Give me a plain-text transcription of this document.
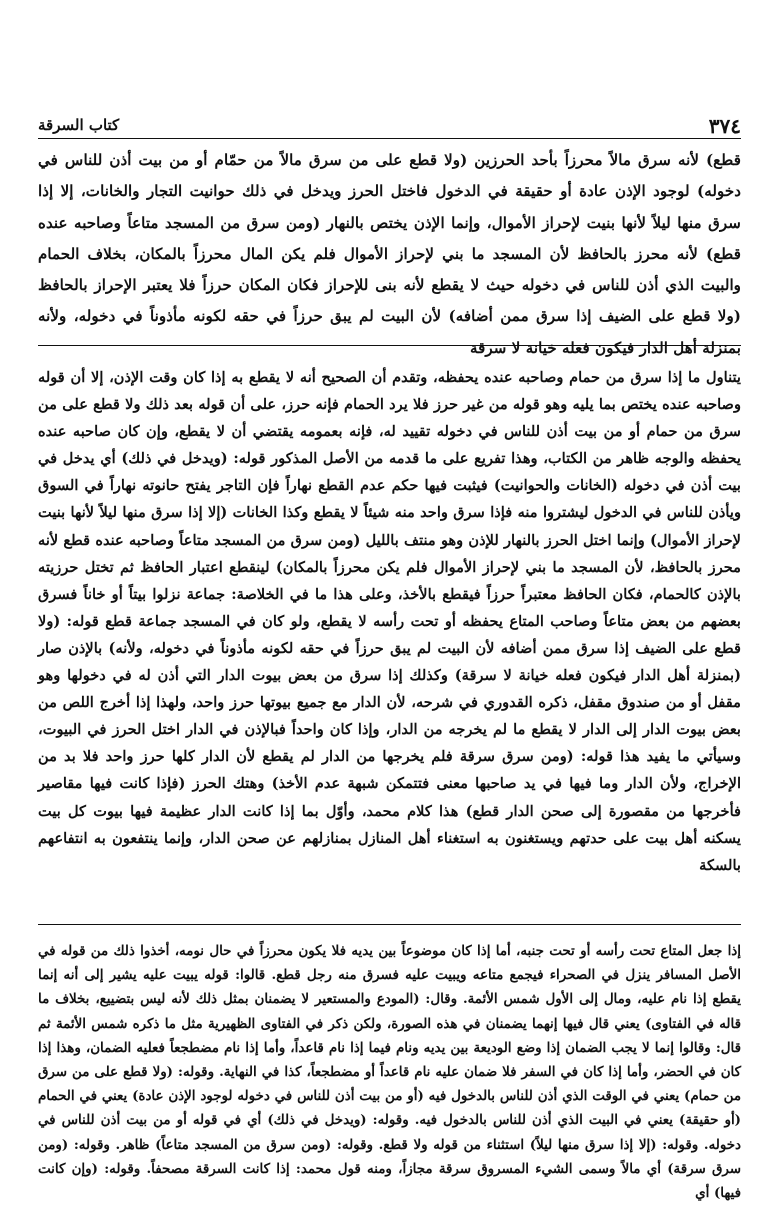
٣٧٤
كتاب السرقة

قطع) لأنه سرق مالاً محرزاً بأحد الحرزين (ولا قطع على من سرق مالاً من حمّام أو من بيت أذن للناس في دخوله) لوجود الإذن عادة أو حقيقة في الدخول فاختل الحرز ويدخل في ذلك حوانيت التجار والخانات، إلا إذا سرق منها ليلاً لأنها بنيت لإحراز الأموال، وإنما الإذن يختص بالنهار (ومن سرق من المسجد متاعاً وصاحبه عنده قطع) لأنه محرز بالحافظ لأن المسجد ما بني لإحراز الأموال فلم يكن المال محرزاً بالمكان، بخلاف الحمام والبيت الذي أذن للناس في دخوله حيث لا يقطع لأنه بنى للإحراز فكان المكان حرزاً فلا يعتبر الإحراز بالحافظ (ولا قطع على الضيف إذا سرق ممن أضافه) لأن البيت لم يبق حرزاً في حقه لكونه مأذوناً في دخوله، ولأنه بمنزلة أهل الدار فيكون فعله خيانة لا سرقة

يتناول ما إذا سرق من حمام وصاحبه عنده يحفظه، وتقدم أن الصحيح أنه لا يقطع به إذا كان وقت الإذن، إلا أن قوله وصاحبه عنده يختص بما يليه وهو قوله من غير حرز فلا يرد الحمام فإنه حرز، على أن قوله بعد ذلك ولا قطع على من سرق من حمام أو من بيت أذن للناس في دخوله تقييد له، فإنه بعمومه يقتضي أن لا يقطع، وإن كان صاحبه عنده يحفظه والوجه ظاهر من الكتاب، وهذا تفريع على ما قدمه من الأصل المذكور قوله: (ويدخل في ذلك) أي يدخل في بيت أذن في دخوله (الخانات والحوانيت) فيثبت فيها حكم عدم القطع نهاراً فإن التاجر يفتح حانوته نهاراً في السوق ويأذن للناس في الدخول ليشتروا منه فإذا سرق واحد منه شيئاً لا يقطع وكذا الخانات (إلا إذا سرق منها ليلاً لأنها بنيت لإحراز الأموال) وإنما اختل الحرز بالنهار للإذن وهو منتف بالليل (ومن سرق من المسجد متاعاً وصاحبه عنده قطع لأنه محرز بالحافظ، لأن المسجد ما بني لإحراز الأموال فلم يكن محرزاً بالمكان) لينقطع اعتبار الحافظ ثم تختل حرزيته بالإذن كالحمام، فكان الحافظ معتبراً حرزاً فيقطع بالأخذ، وعلى هذا ما في الخلاصة: جماعة نزلوا بيتاً أو خاناً فسرق بعضهم من بعض متاعاً وصاحب المتاع يحفظه أو تحت رأسه لا يقطع، ولو كان في المسجد جماعة قطع قوله: (ولا قطع على الضيف إذا سرق ممن أضافه لأن البيت لم يبق حرزاً في حقه لكونه مأذوناً في دخوله، ولأنه) بالإذن صار (بمنزلة أهل الدار فيكون فعله خيانة لا سرقة) وكذلك إذا سرق من بعض بيوت الدار التي أذن له في دخولها وهو مقفل أو من صندوق مقفل، ذكره القدوري في شرحه، لأن الدار مع جميع بيوتها حرز واحد، ولهذا إذا أخرج اللص من بعض بيوت الدار إلى الدار لا يقطع ما لم يخرجه من الدار، وإذا كان واحداً فبالإذن في الدار اختل الحرز في البيوت، وسيأتي ما يفيد هذا قوله: (ومن سرق سرقة فلم يخرجها من الدار لم يقطع لأن الدار كلها حرز واحد فلا بد من الإخراج، ولأن الدار وما فيها في يد صاحبها معنى فتتمكن شبهة عدم الأخذ) وهتك الحرز (فإذا كانت فيها مقاصير فأخرجها من مقصورة إلى صحن الدار قطع) هذا كلام محمد، وأوّل بما إذا كانت الدار عظيمة فيها بيوت كل بيت يسكنه أهل بيت على حدتهم ويستغنون به استغناء أهل المنازل بمنازلهم عن صحن الدار، وإنما ينتفعون به انتفاعهم بالسكة

إذا جعل المتاع تحت رأسه أو تحت جنبه، أما إذا كان موضوعاً بين يديه فلا يكون محرزاً في حال نومه، أخذوا ذلك من قوله في الأصل المسافر ينزل في الصحراء فيجمع متاعه ويبيت عليه فسرق منه رجل قطع. قالوا: قوله يبيت عليه يشير إلى أنه إنما يقطع إذا نام عليه، ومال إلى الأول شمس الأئمة. وقال: (المودع والمستعير لا يضمنان بمثل ذلك لأنه ليس بتضييع، بخلاف ما قاله في الفتاوى) يعني قال فيها إنهما يضمنان في هذه الصورة، ولكن ذكر في الفتاوى الظهيرية مثل ما ذكره شمس الأئمة ثم قال: وقالوا إنما لا يجب الضمان إذا وضع الوديعة بين يديه ونام فيما إذا نام قاعداً، وأما إذا نام مضطجعاً فعليه الضمان، وهذا إذا كان في الحضر، وأما إذا كان في السفر فلا ضمان عليه نام قاعداً أو مضطجعاً، كذا في النهاية. وقوله: (ولا قطع على من سرق من حمام) يعني في الوقت الذي أذن للناس بالدخول فيه (أو من بيت أذن للناس في دخوله لوجود الإذن عادة) يعني في الحمام (أو حقيقة) يعني في البيت الذي أذن للناس بالدخول فيه. وقوله: (ويدخل في ذلك) أي في قوله أو من بيت أذن للناس في دخوله. وقوله: (إلا إذا سرق منها ليلاً) استثناء من قوله ولا قطع. وقوله: (ومن سرق من المسجد متاعاً) ظاهر. وقوله: (ومن سرق سرقة) أي مالاً وسمى الشيء المسروق سرقة مجازاً، ومنه قول محمد: إذا كانت السرقة مصحفاً. وقوله: (وإن كانت فيها) أي
